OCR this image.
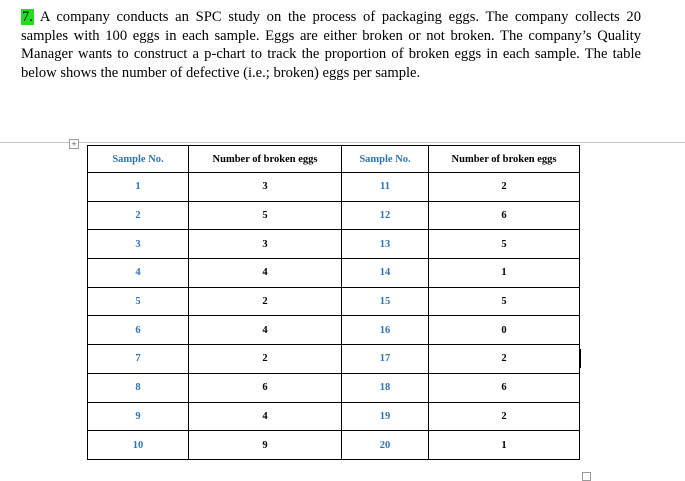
7. A company conducts an SPC study on the process of packaging eggs. The company collects 20 samples with 100 eggs in each sample. Eggs are either broken or not broken. The company’s Quality Manager wants to construct a p-chart to track the proportion of broken eggs in each sample. The table below shows the number of defective (i.e.; broken) eggs per sample.
+
Sample No.	Number of broken eggs	Sample No.	Number of broken eggs
1	3	11	2
2	5	12	6
3	3	13	5
4	4	14	1
5	2	15	5
6	4	16	0
7	2	17	2
8	6	18	6
9	4	19	2
10	9	20	1
